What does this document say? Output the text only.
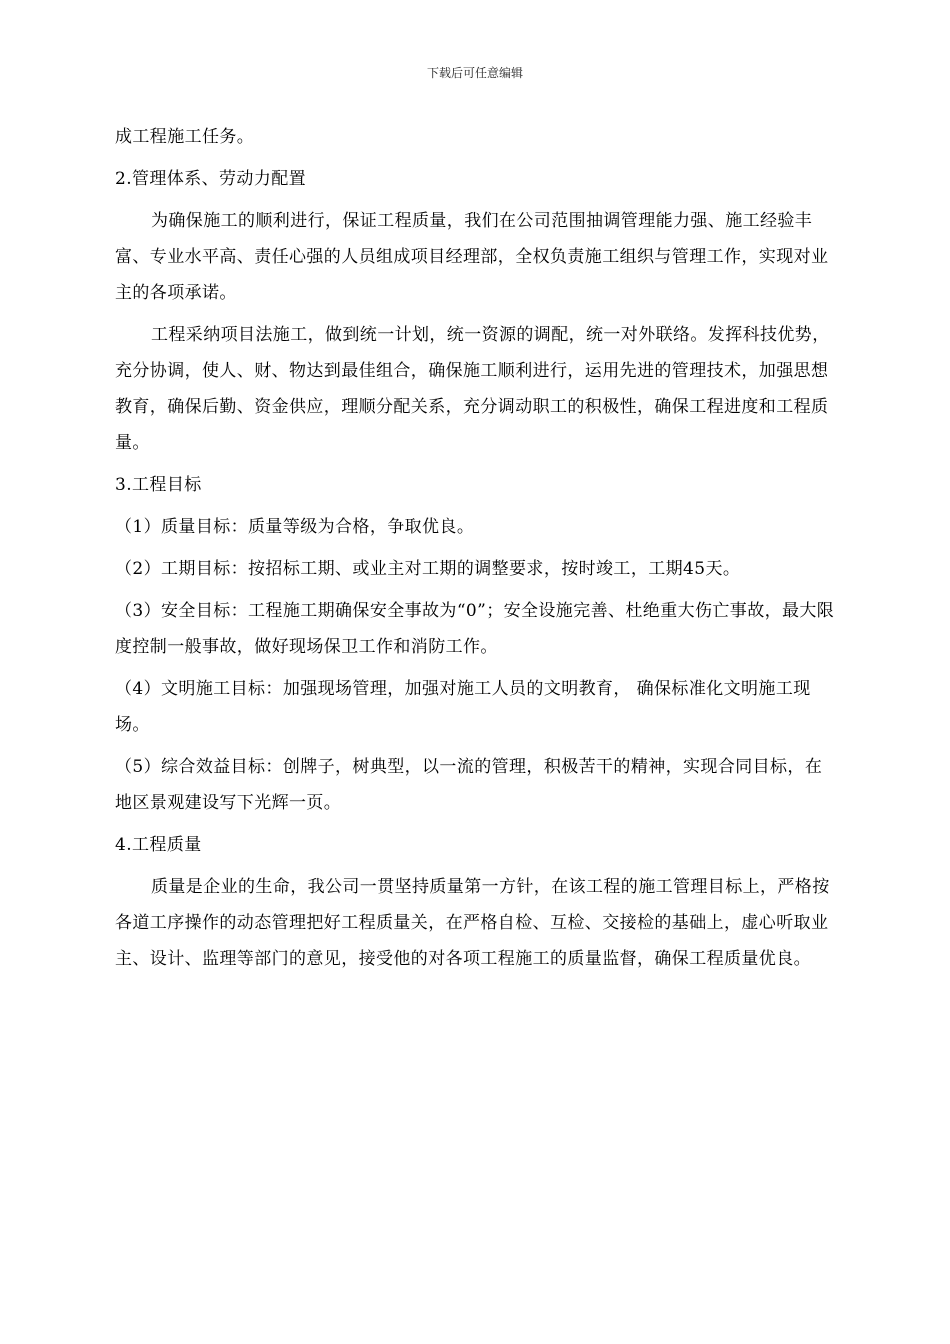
下载后可任意编辑

成工程施工任务。

2.管理体系、劳动力配置

为确保施工的顺利进行，保证工程质量，我们在公司范围抽调管理能力强、施工经验丰富、专业水平高、责任心强的人员组成项目经理部，全权负责施工组织与管理工作，实现对业主的各项承诺。

工程采纳项目法施工，做到统一计划，统一资源的调配，统一对外联络。发挥科技优势，充分协调，使人、财、物达到最佳组合，确保施工顺利进行，运用先进的管理技术，加强思想教育，确保后勤、资金供应，理顺分配关系，充分调动职工的积极性，确保工程进度和工程质量。

3.工程目标

（1）质量目标：质量等级为合格，争取优良。

（2）工期目标：按招标工期、或业主对工期的调整要求，按时竣工，工期45天。

（3）安全目标：工程施工期确保安全事故为“0”；安全设施完善、杜绝重大伤亡事故，最大限度控制一般事故，做好现场保卫工作和消防工作。

（4）文明施工目标：加强现场管理，加强对施工人员的文明教育， 确保标准化文明施工现场。

（5）综合效益目标：创牌子，树典型，以一流的管理，积极苦干的精神，实现合同目标，在地区景观建设写下光辉一页。

4.工程质量

质量是企业的生命，我公司一贯坚持质量第一方针，在该工程的施工管理目标上，严格按各道工序操作的动态管理把好工程质量关，在严格自检、互检、交接检的基础上，虚心听取业主、设计、监理等部门的意见，接受他的对各项工程施工的质量监督，确保工程质量优良。
